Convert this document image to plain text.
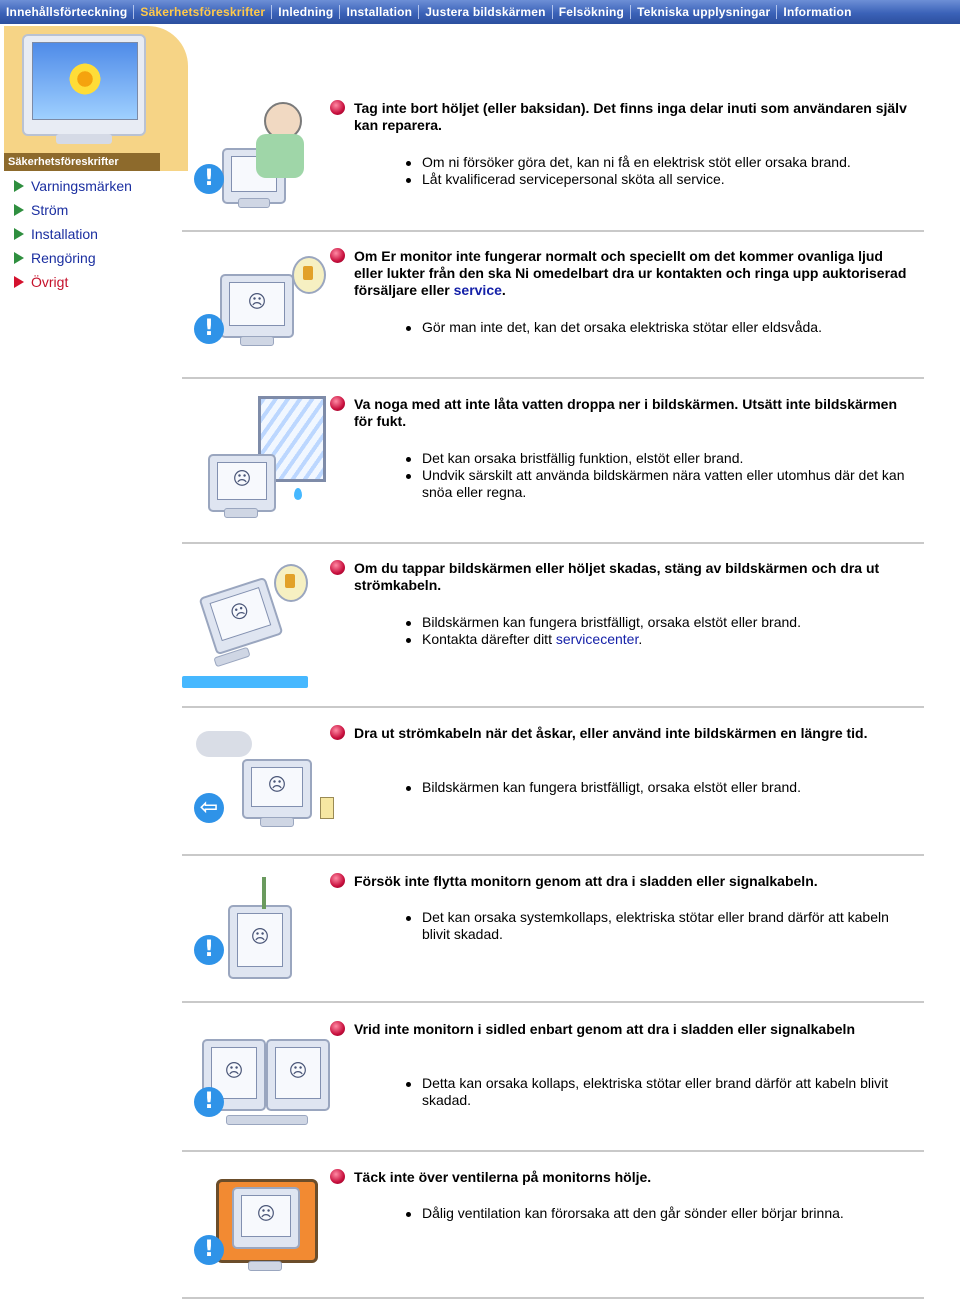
Innehållsförteckning	Säkerhetsföreskrifter	Inledning	Installation	Justera bildskärmen	Felsökning	Tekniska upplysningar	Information
Säkerhetsföreskrifter
Varningsmärken
Ström
Installation
Rengöring
Övrigt
!
Tag inte bort höljet (eller baksidan). Det finns inga delar inuti som användaren själv kan reparera.
Om ni försöker göra det, kan ni få en elektrisk stöt eller orsaka brand.
Låt kvalificerad servicepersonal sköta all service.
☹
!
Om Er monitor inte fungerar normalt och speciellt om det kommer ovanliga ljud eller lukter från den ska Ni omedelbart dra ur kontakten och ringa upp auktoriserad försäljare eller service.
Gör man inte det, kan det orsaka elektriska stötar eller eldsvåda.
☹
Va noga med att inte låta vatten droppa ner i bildskärmen. Utsätt inte bildskärmen för fukt.
Det kan orsaka bristfällig funktion, elstöt eller brand.
Undvik särskilt att använda bildskärmen nära vatten eller utomhus där det kan snöa eller regna.
☹
Om du tappar bildskärmen eller höljet skadas, stäng av bildskärmen och dra ut strömkabeln.
Bildskärmen kan fungera bristfälligt, orsaka elstöt eller brand.
Kontakta därefter ditt servicecenter.
☹
⇦
Dra ut strömkabeln när det åskar, eller använd inte bildskärmen en längre tid.
Bildskärmen kan fungera bristfälligt, orsaka elstöt eller brand.
☹
!
Försök inte flytta monitorn genom att dra i sladden eller signalkabeln.
Det kan orsaka systemkollaps, elektriska stötar eller brand därför att kabeln blivit skadad.
☹	☹
!
Vrid inte monitorn i sidled enbart genom att dra i sladden eller signalkabeln
Detta kan orsaka kollaps, elektriska stötar eller brand därför att kabeln blivit skadad.
☹
!
Täck inte över ventilerna på monitorns hölje.
Dålig ventilation kan förorsaka att den går sönder eller börjar brinna.
